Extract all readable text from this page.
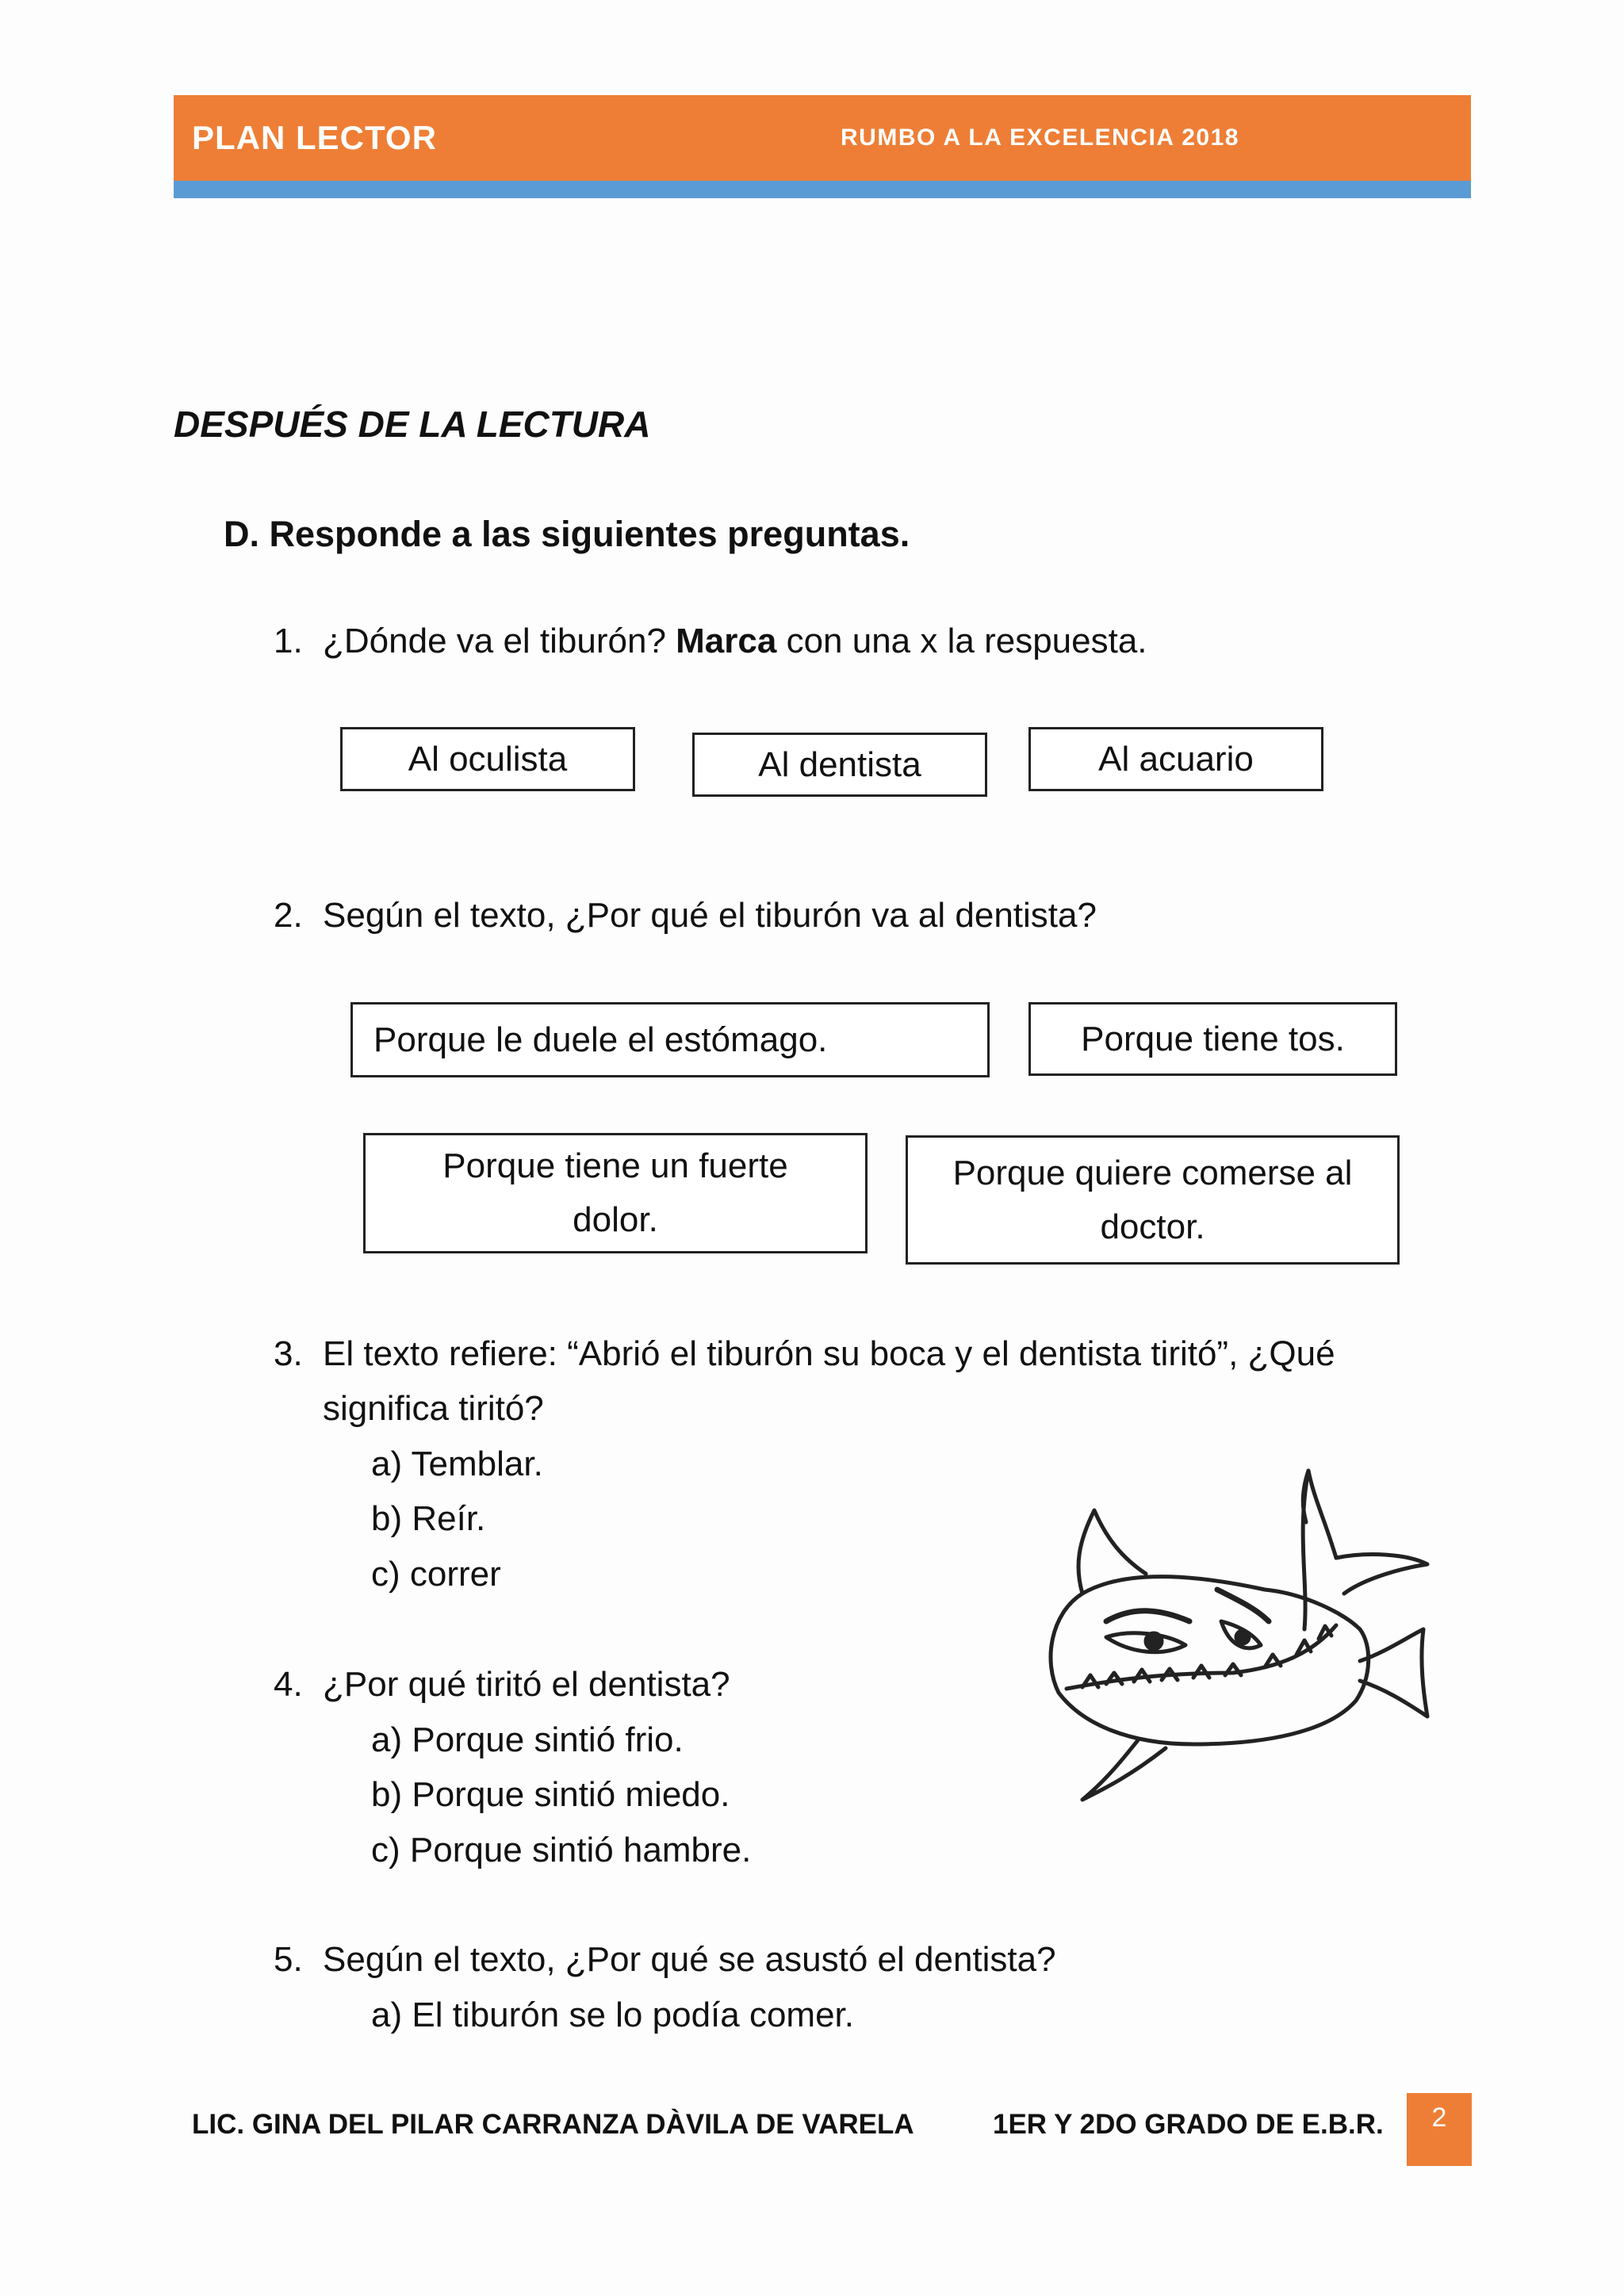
PLAN LECTOR	RUMBO A LA EXCELENCIA 2018
DESPUÉS DE LA LECTURA
D. Responde a las siguientes preguntas.
1. ¿Dónde va el tiburón? Marca con una x la respuesta.
Al oculista	Al dentista	Al acuario
2. Según el texto, ¿Por qué el tiburón va al dentista?
Porque le duele el estómago.	Porque tiene tos.
Porque tiene un fuerte dolor.
Porque quiere comerse al doctor.
3. El texto refiere: “Abrió el tiburón su boca y el dentista tiritó”, ¿Qué
significa tiritó?
a) Temblar.
b) Reír.
c) correr
4. ¿Por qué tiritó el dentista?
a) Porque sintió frio.
b) Porque sintió miedo.
c) Porque sintió hambre.
5. Según el texto, ¿Por qué se asustó el dentista?
a) El tiburón se lo podía comer.
LIC. GINA DEL PILAR CARRANZA DÀVILA DE VARELA	1ER Y 2DO GRADO DE E.B.R.	2
